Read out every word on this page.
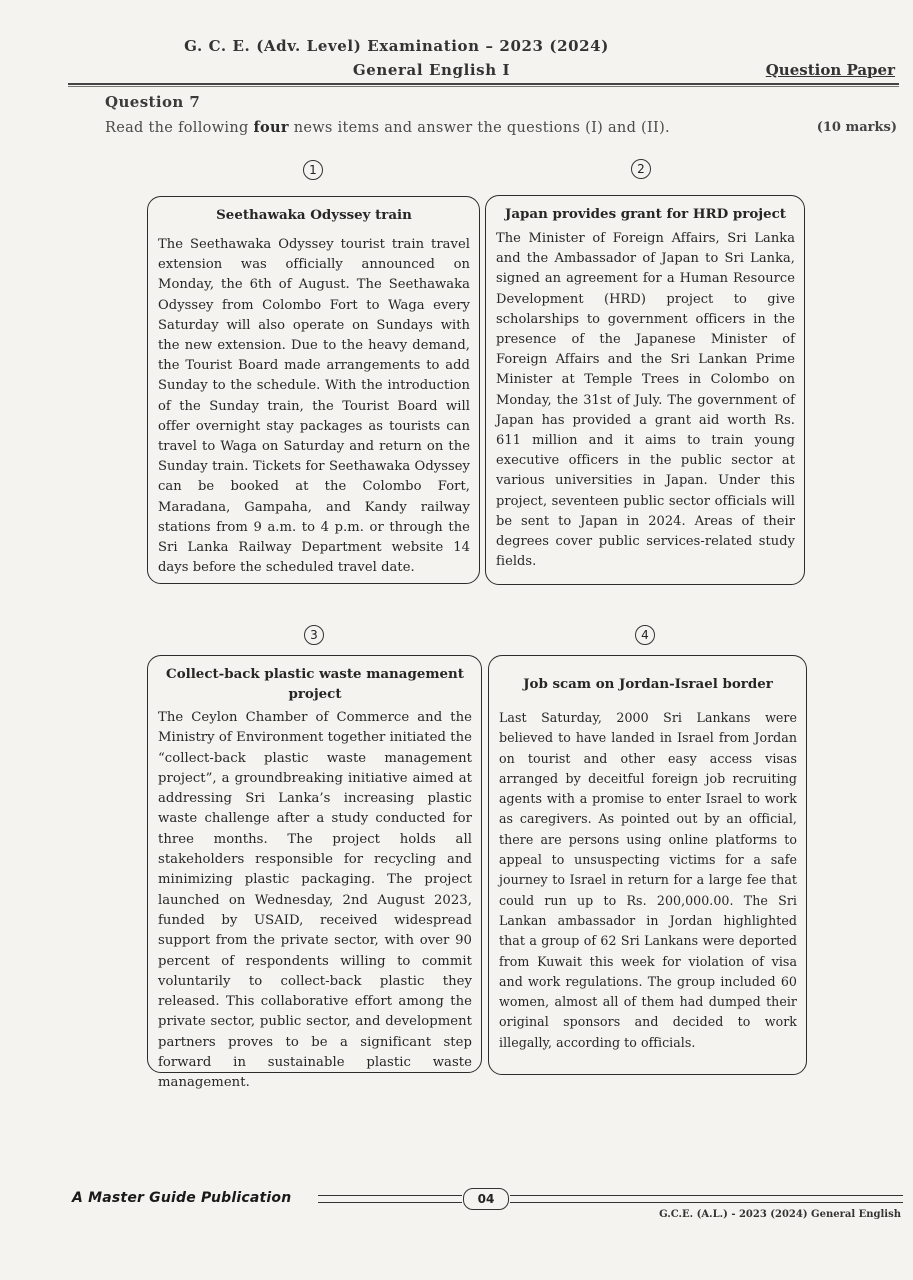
G. C. E. (Adv. Level) Examination – 2023 (2024)
General English I	Question Paper
Question 7
Read the following four news items and answer the questions (I) and (II).	(10 marks)
1	2
3	4
Seethawaka Odyssey train
The Seethawaka Odyssey tourist train travel extension was officially announced on Monday, the 6th of August. The Seethawaka Odyssey from Colombo Fort to Waga every Saturday will also operate on Sundays with the new extension. Due to the heavy demand, the Tourist Board made arrangements to add Sunday to the schedule. With the introduction of the Sunday train, the Tourist Board will offer overnight stay packages as tourists can travel to Waga on Saturday and return on the Sunday train. Tickets for Seethawaka Odyssey can be booked at the Colombo Fort, Maradana, Gampaha, and Kandy railway stations from 9 a.m. to 4 p.m. or through the Sri Lanka Railway Department website 14 days before the scheduled travel date.
Japan provides grant for HRD project
The Minister of Foreign Affairs, Sri Lanka and the Ambassador of Japan to Sri Lanka, signed an agreement for a Human Resource Development (HRD) project to give scholarships to government officers in the presence of the Japanese Minister of Foreign Affairs and the Sri Lankan Prime Minister at Temple Trees in Colombo on Monday, the 31st of July. The government of Japan has provided a grant aid worth Rs. 611 million and it aims to train young executive officers in the public sector at various universities in Japan. Under this project, seventeen public sector officials will be sent to Japan in 2024. Areas of their degrees cover public services-related study fields.
Collect-back plastic waste management project
The Ceylon Chamber of Commerce and the Ministry of Environment together initiated the “collect-back plastic waste management project”, a groundbreaking initiative aimed at addressing Sri Lanka’s increasing plastic waste challenge after a study conducted for three months. The project holds all stakeholders responsible for recycling and minimizing plastic packaging. The project launched on Wednesday, 2nd August 2023, funded by USAID, received widespread support from the private sector, with over 90 percent of respondents willing to commit voluntarily to collect-back plastic they released. This collaborative effort among the private sector, public sector, and development partners proves to be a significant step forward in sustainable plastic waste management.
Job scam on Jordan-Israel border
Last Saturday, 2000 Sri Lankans were believed to have landed in Israel from Jordan on tourist and other easy access visas arranged by deceitful foreign job recruiting agents with a promise to enter Israel to work as caregivers. As pointed out by an official, there are persons using online platforms to appeal to unsuspecting victims for a safe journey to Israel in return for a large fee that could run up to Rs. 200,000.00. The Sri Lankan ambassador in Jordan highlighted that a group of 62 Sri Lankans were deported from Kuwait this week for violation of visa and work regulations. The group included 60 women, almost all of them had dumped their original sponsors and decided to work illegally, according to officials.
A Master Guide Publication	04
G.C.E. (A.L.) - 2023 (2024) General English
